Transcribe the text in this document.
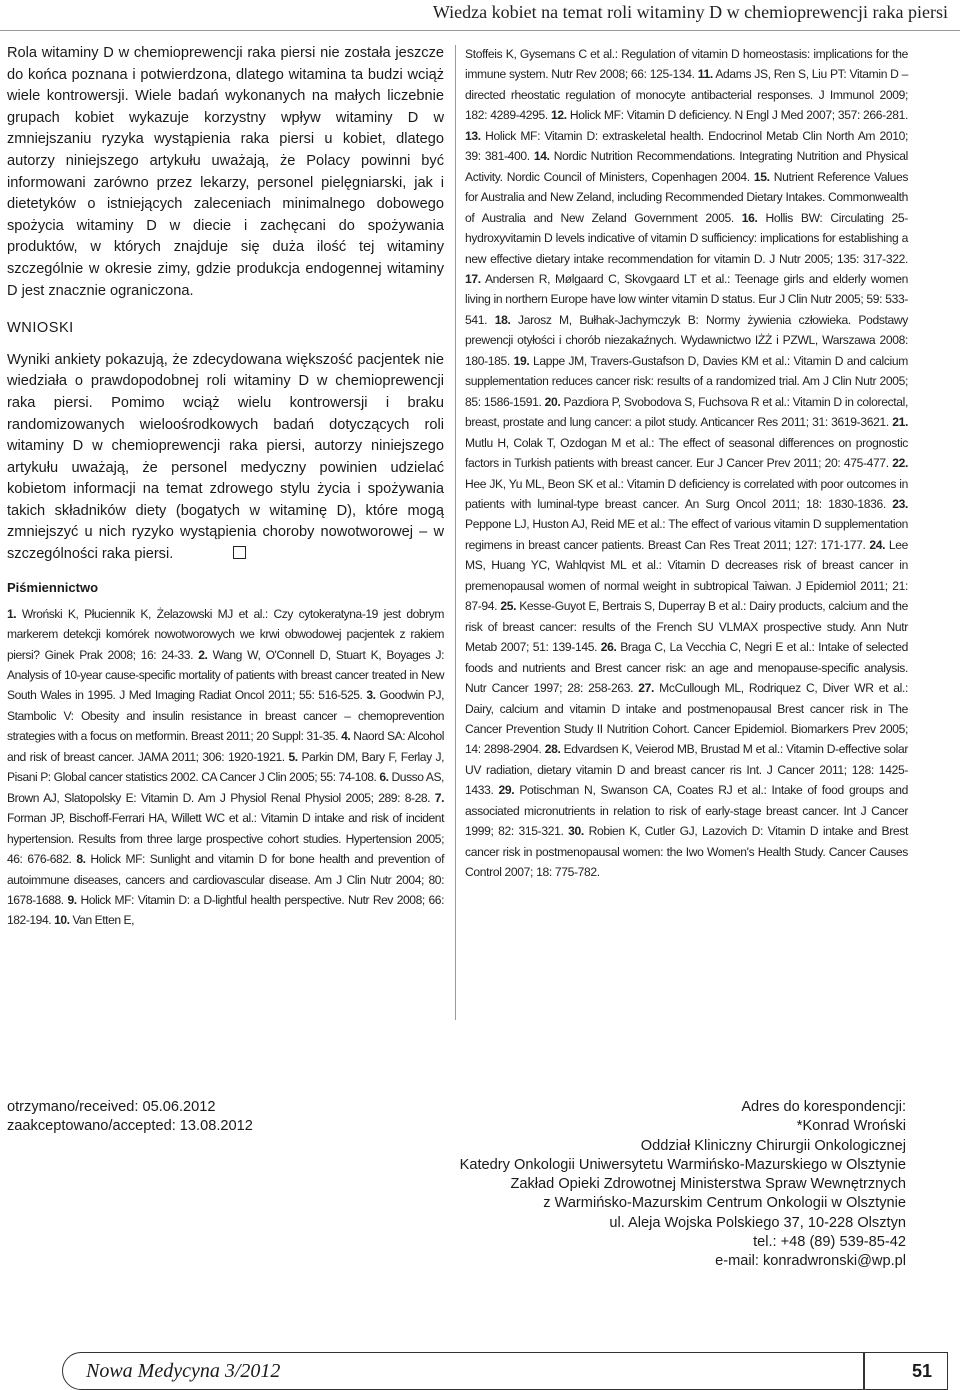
Wiedza kobiet na temat roli witaminy D w chemioprewencji raka piersi

Rola witaminy D w chemioprewencji raka piersi nie została jeszcze do końca poznana i potwierdzona, dlatego witamina ta budzi wciąż wiele kontrowersji. Wiele badań wykonanych na małych liczebnie grupach kobiet wykazuje korzystny wpływ witaminy D w zmniejszaniu ryzyka wystąpienia raka piersi u kobiet, dlatego autorzy niniejszego artykułu uważają, że Polacy powinni być informowani zarówno przez lekarzy, personel pielęgniarski, jak i dietetyków o istniejących zaleceniach minimalnego dobowego spożycia witaminy D w diecie i zachęcani do spożywania produktów, w których znajduje się duża ilość tej witaminy szczególnie w okresie zimy, gdzie produkcja endogennej witaminy D jest znacznie ograniczona.

WNIOSKI

Wyniki ankiety pokazują, że zdecydowana większość pacjentek nie wiedziała o prawdopodobnej roli witaminy D w chemioprewencji raka piersi. Pomimo wciąż wielu kontrowersji i braku randomizowanych wieloośrodkowych badań dotyczących roli witaminy D w chemioprewencji raka piersi, autorzy niniejszego artykułu uważają, że personel medyczny powinien udzielać kobietom informacji na temat zdrowego stylu życia i spożywania takich składników diety (bogatych w witaminę D), które mogą zmniejszyć u nich ryzyko wystąpienia choroby nowotworowej – w szczególności raka piersi.

Piśmiennictwo

1. Wroński K, Płuciennik K, Żelazowski MJ et al.: Czy cytokeratyna-19 jest dobrym markerem detekcji komórek nowotworowych we krwi obwodowej pacjentek z rakiem piersi? Ginek Prak 2008; 16: 24-33. 2. Wang W, O'Connell D, Stuart K, Boyages J: Analysis of 10-year cause-specific mortality of patients with breast cancer treated in New South Wales in 1995. J Med Imaging Radiat Oncol 2011; 55: 516-525. 3. Goodwin PJ, Stambolic V: Obesity and insulin resistance in breast cancer – chemoprevention strategies with a focus on metformin. Breast 2011; 20 Suppl: 31-35. 4. Naord SA: Alcohol and risk of breast cancer. JAMA 2011; 306: 1920-1921. 5. Parkin DM, Bary F, Ferlay J, Pisani P: Global cancer statistics 2002. CA Cancer J Clin 2005; 55: 74-108. 6. Dusso AS, Brown AJ, Slatopolsky E: Vitamin D. Am J Physiol Renal Physiol 2005; 289: 8-28. 7. Forman JP, Bischoff-Ferrari HA, Willett WC et al.: Vitamin D intake and risk of incident hypertension. Results from three large prospective cohort studies. Hypertension 2005; 46: 676-682. 8. Holick MF: Sunlight and vitamin D for bone health and prevention of autoimmune diseases, cancers and cardiovascular disease. Am J Clin Nutr 2004; 80: 1678-1688. 9. Holick MF: Vitamin D: a D-lightful health perspective. Nutr Rev 2008; 66: 182-194. 10. Van Etten E,

Stoffeis K, Gysemans C et al.: Regulation of vitamin D homeostasis: implications for the immune system. Nutr Rev 2008; 66: 125-134. 11. Adams JS, Ren S, Liu PT: Vitamin D – directed rheostatic regulation of monocyte antibacterial responses. J Immunol 2009; 182: 4289-4295. 12. Holick MF: Vitamin D deficiency. N Engl J Med 2007; 357: 266-281. 13. Holick MF: Vitamin D: extraskeletal health. Endocrinol Metab Clin North Am 2010; 39: 381-400. 14. Nordic Nutrition Recommendations. Integrating Nutrition and Physical Activity. Nordic Council of Ministers, Copenhagen 2004. 15. Nutrient Reference Values for Australia and New Zeland, including Recommended Dietary Intakes. Commonwealth of Australia and New Zeland Government 2005. 16. Hollis BW: Circulating 25-hydroxyvitamin D levels indicative of vitamin D sufficiency: implications for establishing a new effective dietary intake recommendation for vitamin D. J Nutr 2005; 135: 317-322. 17. Andersen R, Mølgaard C, Skovgaard LT et al.: Teenage girls and elderly women living in northern Europe have low winter vitamin D status. Eur J Clin Nutr 2005; 59: 533-541. 18. Jarosz M, Bułhak-Jachymczyk B: Normy żywienia człowieka. Podstawy prewencji otyłości i chorób niezakaźnych. Wydawnictwo IŻŻ i PZWL, Warszawa 2008: 180-185. 19. Lappe JM, Travers-Gustafson D, Davies KM et al.: Vitamin D and calcium supplementation reduces cancer risk: results of a randomized trial. Am J Clin Nutr 2005; 85: 1586-1591. 20. Pazdiora P, Svobodova S, Fuchsova R et al.: Vitamin D in colorectal, breast, prostate and lung cancer: a pilot study. Anticancer Res 2011; 31: 3619-3621. 21. Mutlu H, Colak T, Ozdogan M et al.: The effect of seasonal differences on prognostic factors in Turkish patients with breast cancer. Eur J Cancer Prev 2011; 20: 475-477. 22. Hee JK, Yu ML, Beon SK et al.: Vitamin D deficiency is correlated with poor outcomes in patients with luminal-type breast cancer. An Surg Oncol 2011; 18: 1830-1836. 23. Peppone LJ, Huston AJ, Reid ME et al.: The effect of various vitamin D supplementation regimens in breast cancer patients. Breast Can Res Treat 2011; 127: 171-177. 24. Lee MS, Huang YC, Wahlqvist ML et al.: Vitamin D decreases risk of breast cancer in premenopausal women of normal weight in subtropical Taiwan. J Epidemiol 2011; 21: 87-94. 25. Kesse-Guyot E, Bertrais S, Duperray B et al.: Dairy products, calcium and the risk of breast cancer: results of the French SU VLMAX prospective study. Ann Nutr Metab 2007; 51: 139-145. 26. Braga C, La Vecchia C, Negri E et al.: Intake of selected foods and nutrients and Brest cancer risk: an age and menopause-specific analysis. Nutr Cancer 1997; 28: 258-263. 27. McCullough ML, Rodriquez C, Diver WR et al.: Dairy, calcium and vitamin D intake and postmenopausal Brest cancer risk in The Cancer Prevention Study II Nutrition Cohort. Cancer Epidemiol. Biomarkers Prev 2005; 14: 2898-2904. 28. Edvardsen K, Veierod MB, Brustad M et al.: Vitamin D-effective solar UV radiation, dietary vitamin D and breast cancer ris Int. J Cancer 2011; 128: 1425-1433. 29. Potischman N, Swanson CA, Coates RJ et al.: Intake of food groups and associated micronutrients in relation to risk of early-stage breast cancer. Int J Cancer 1999; 82: 315-321. 30. Robien K, Cutler GJ, Lazovich D: Vitamin D intake and Brest cancer risk in postmenopausal women: the Iwo Women's Health Study. Cancer Causes Control 2007; 18: 775-782.

otrzymano/received: 05.06.2012
zaakceptowano/accepted: 13.08.2012
Adres do korespondencji:
*Konrad Wroński
Oddział Kliniczny Chirurgii Onkologicznej
Katedry Onkologii Uniwersytetu Warmińsko-Mazurskiego w Olsztynie
Zakład Opieki Zdrowotnej Ministerstwa Spraw Wewnętrznych
z Warmińsko-Mazurskim Centrum Onkologii w Olsztynie
ul. Aleja Wojska Polskiego 37, 10-228 Olsztyn
tel.: +48 (89) 539-85-42
e-mail: konradwronski@wp.pl
Nowa Medycyna 3/2012	51
